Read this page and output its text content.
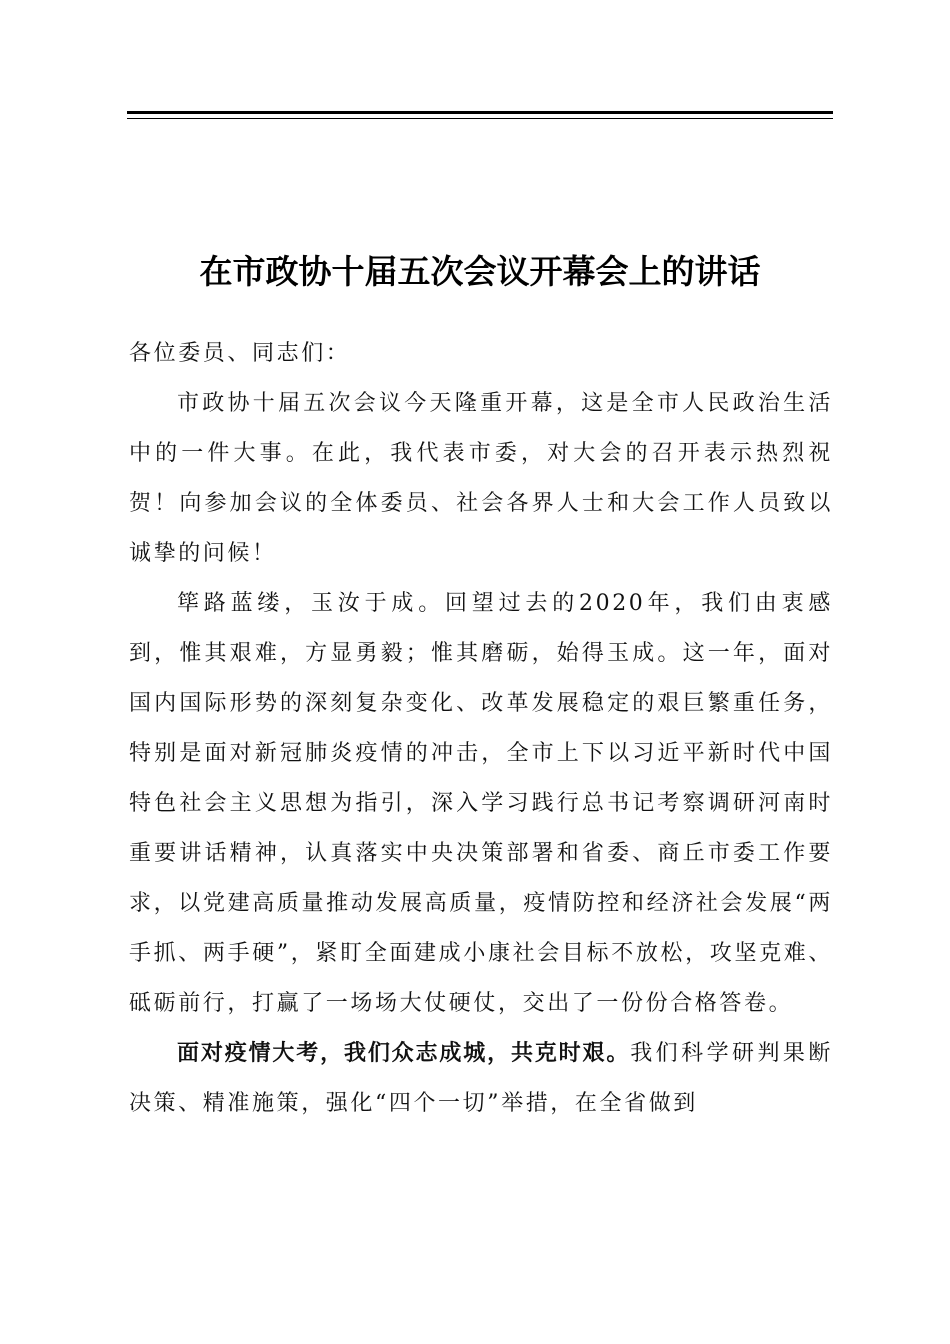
在市政协十届五次会议开幕会上的讲话

各位委员、同志们：

市政协十届五次会议今天隆重开幕，这是全市人民政治生活中的一件大事。在此，我代表市委，对大会的召开表示热烈祝贺！向参加会议的全体委员、社会各界人士和大会工作人员致以诚挚的问候！

筚路蓝缕，玉汝于成。回望过去的2020年，我们由衷感到，惟其艰难，方显勇毅；惟其磨砺，始得玉成。这一年，面对国内国际形势的深刻复杂变化、改革发展稳定的艰巨繁重任务，特别是面对新冠肺炎疫情的冲击，全市上下以习近平新时代中国特色社会主义思想为指引，深入学习践行总书记考察调研河南时重要讲话精神，认真落实中央决策部署和省委、商丘市委工作要求，以党建高质量推动发展高质量，疫情防控和经济社会发展“两手抓、两手硬”，紧盯全面建成小康社会目标不放松，攻坚克难、砥砺前行，打赢了一场场大仗硬仗，交出了一份份合格答卷。

面对疫情大考，我们众志成城，共克时艰。我们科学研判果断决策、精准施策，强化“四个一切”举措，在全省做到
